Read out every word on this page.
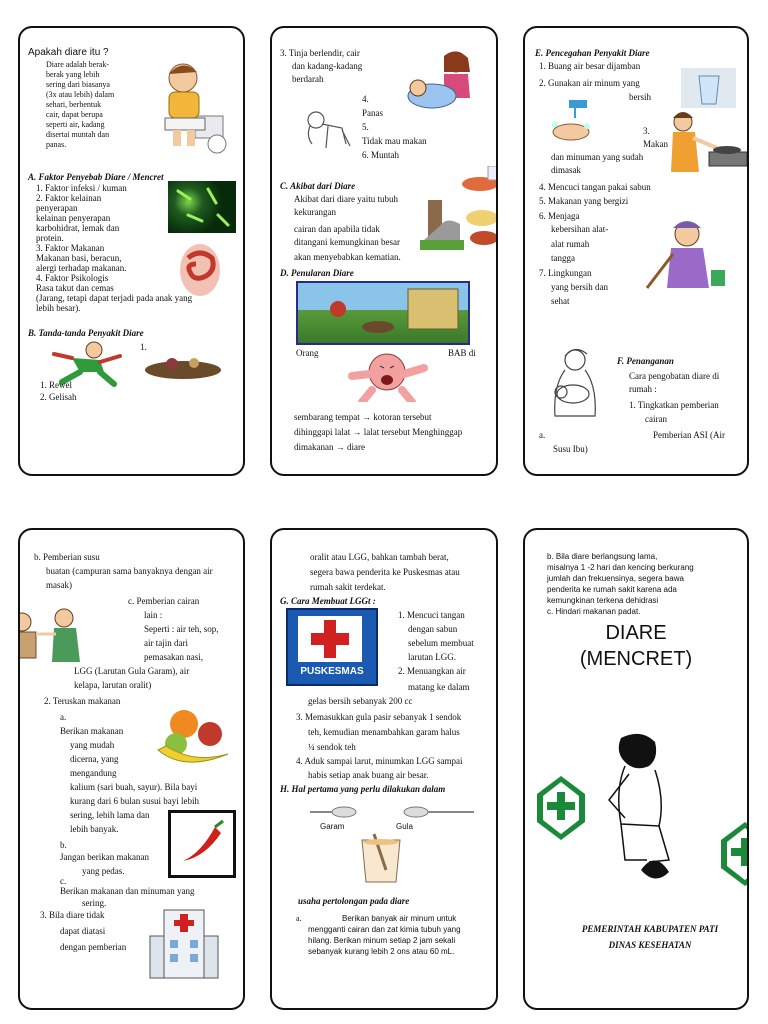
Apakah diare itu ?

Diare adalah berak-

berak yang lebih

sering dari biasanya

(3x atau lebih) dalam

sehari, berbentuk

cair, dapat berupa

seperti air, kadang

disertai muntah dan

panas.

A. Faktor Penyebab Diare / Mencret

1. Faktor infeksi / kuman

2. Faktor kelainan

penyerapan

kelainan penyerapan

karbohidrat, lemak dan

protein.

3. Faktor Makanan

Makanan basi, beracun,

alergi terhadap makanan.

4. Faktor Psikologis

Rasa takut dan cemas

(Jarang, tetapi dapat terjadi pada anak yang

lebih besar).

B. Tanda-tanda Penyakit Diare

1.

1. Rewel

2. Gelisah

3. Tinja berlendir, cair

dan kadang-kadang

berdarah

4.

Panas

5.

Tidak mau makan

6. Muntah

C. Akibat dari Diare

Akibat dari diare yaitu tubuh

kekurangan

cairan dan apabila tidak

ditangani kemungkinan besar

akan menyebabkan kematian.

D. Penularan Diare

Orang	BAB di

sembarang tempat → kotoran tersebut

dihinggapi lalat → lalat tersebut Menghinggap

dimakanan → diare

E. Pencegahan Penyakit Diare

1. Buang air besar dijamban

2. Gunakan air minum yang

bersih

3.

Makan

dan minuman yang sudah

dimasak

4. Mencuci tangan pakai sabun

5. Makanan yang bergizi

6. Menjaga

kebersihan alat-

alat rumah

tangga

7. Lingkungan

yang bersih dan

sehat

F. Penanganan

Cara pengobatan diare di

rumah :

1. Tingkatkan pemberian

cairan

a.	Pemberian ASI (Air

Susu Ibu)

b. Pemberian susu

buatan (campuran sama banyaknya dengan air

masak)

c. Pemberian cairan

lain :

Seperti : air teh, sop,

air tajin dari

pemasakan nasi,

LGG (Larutan Gula Garam), air

kelapa, larutan oralit)

2. Teruskan makanan

a.

Berikan makanan

yang mudah

dicerna, yang

mengandung

kalium (sari buah, sayur). Bila bayi

kurang dari 6 bulan susui bayi lebih

sering, lebih lama dan

lebih banyak.

b.

Jangan berikan makanan

yang pedas.

c.

Berikan makanan dan minuman yang

sering.

3. Bila diare tidak

dapat diatasi

dengan pemberian

oralit atau LGG, bahkan tambah berat,

segera bawa penderita ke Puskesmas atau

rumah sakit terdekat.

G. Cara Membuat LGGt :

PUSKESMAS

1. Mencuci tangan

dengan sabun

sebelum membuat

larutan LGG.

2. Menuangkan air

matang ke dalam

gelas bersih sebanyak 200 cc

3. Memasukkan gula pasir sebanyak 1 sendok

teh, kemudian menambahkan garam halus

¼ sendok teh

4. Aduk sampai larut, minumkan LGG sampai

habis setiap anak buang air besar.

H. Hal pertama yang perlu dilakukan dalam

Garam	Gula

usaha pertolongan pada diare

a.	Berikan banyak air minum untuk

mengganti cairan dan zat kimia tubuh yang

hilang. Berikan minum setiap 2 jam sekali

sebanyak kurang lebih 2 ons atau 60 mL.

b. Bila diare berlangsung lama,

misalnya 1 -2 hari dan kencing berkurang

jumlah dan frekuensinya, segera bawa

penderita ke rumah sakit karena ada

kemungkinan terkena dehidrasi

c. Hindari makanan padat.

DIARE
(MENCRET)
PEMERINTAH KABUPATEN PATI
DINAS KESEHATAN
